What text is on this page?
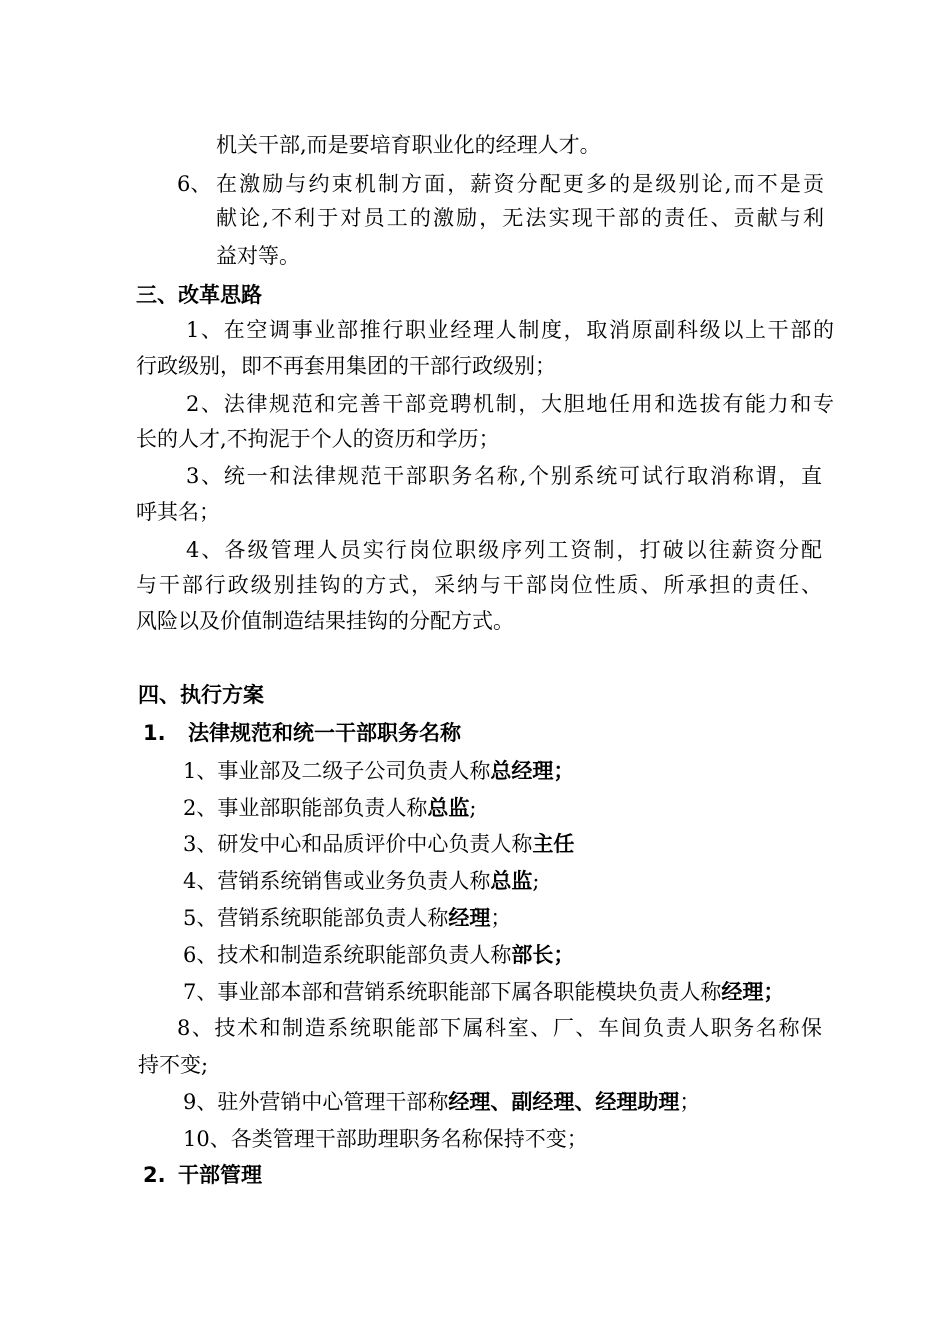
机关干部,而是要培育职业化的经理人才。
6、 在激励与约束机制方面，薪资分配更多的是级别论,而不是贡
献论,不利于对员工的激励，无法实现干部的责任、贡献与利
益对等。
三、改革思路
1、在空调事业部推行职业经理人制度，取消原副科级以上干部的
行政级别，即不再套用集团的干部行政级别；
2、法律规范和完善干部竞聘机制，大胆地任用和选拔有能力和专
长的人才,不拘泥于个人的资历和学历；
3、统一和法律规范干部职务名称,个别系统可试行取消称谓，直
呼其名；
4、各级管理人员实行岗位职级序列工资制，打破以往薪资分配
与干部行政级别挂钩的方式，采纳与干部岗位性质、所承担的责任、
风险以及价值制造结果挂钩的分配方式。
四、执行方案
1. 法律规范和统一干部职务名称
1、事业部及二级子公司负责人称总经理；
2、事业部职能部负责人称总监;
3、研发中心和品质评价中心负责人称主任
4、营销系统销售或业务负责人称总监;
5、营销系统职能部负责人称经理；
6、技术和制造系统职能部负责人称部长；
7、事业部本部和营销系统职能部下属各职能模块负责人称经理；
8、技术和制造系统职能部下属科室、厂、车间负责人职务名称保
持不变;
9、驻外营销中心管理干部称经理、副经理、经理助理；
10、各类管理干部助理职务名称保持不变；
2. 干部管理
